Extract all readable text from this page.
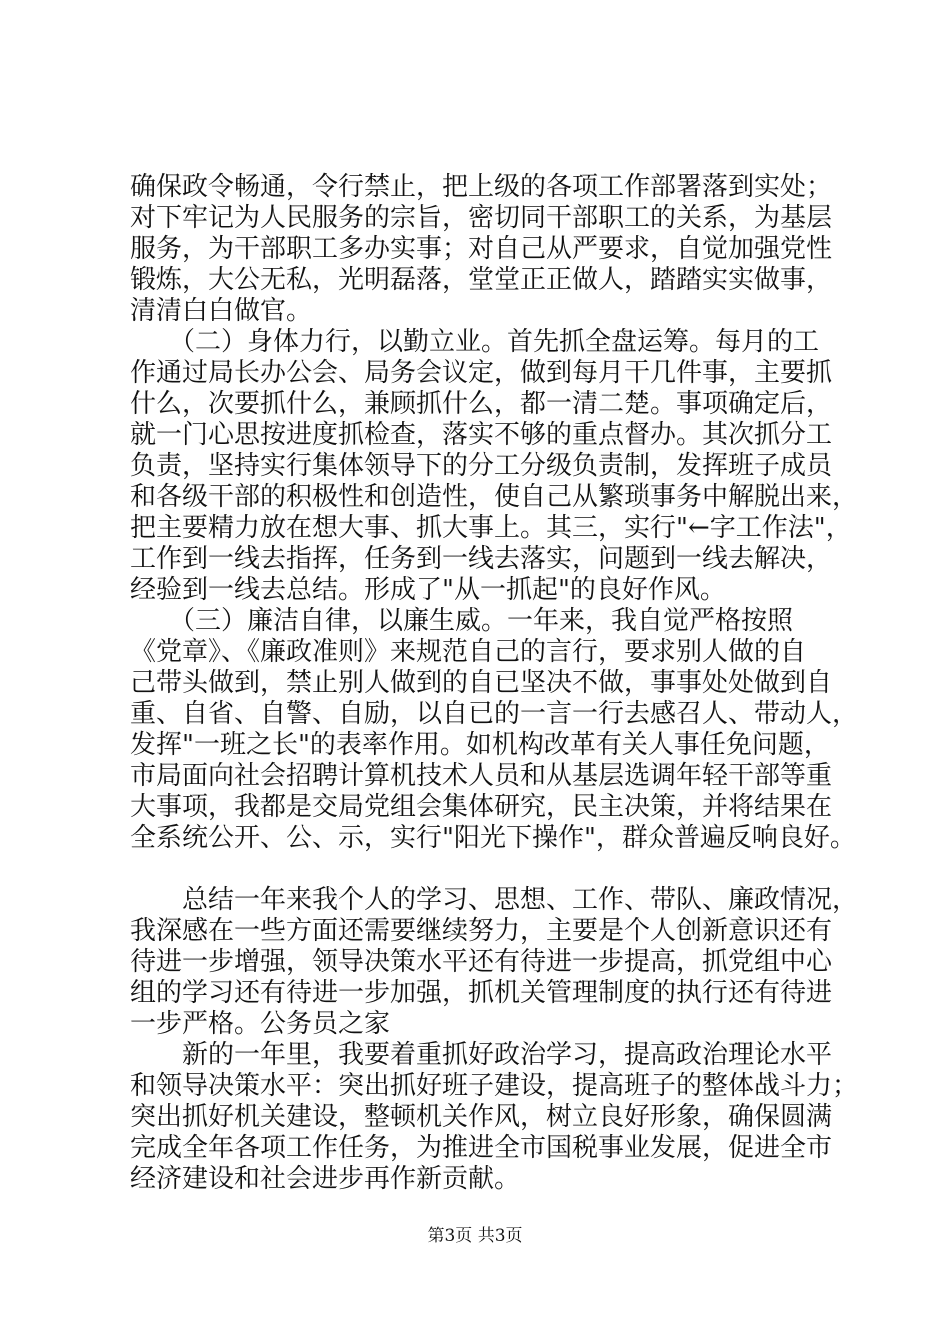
确保政令畅通，令行禁止，把上级的各项工作部署落到实处；
对下牢记为人民服务的宗旨，密切同干部职工的关系，为基层
服务，为干部职工多办实事；对自己从严要求，自觉加强党性
锻炼，大公无私，光明磊落，堂堂正正做人，踏踏实实做事，
清清白白做官。
　　（二）身体力行，以勤立业。首先抓全盘运筹。每月的工
作通过局长办公会、局务会议定，做到每月干几件事，主要抓
什么，次要抓什么，兼顾抓什么，都一清二楚。事项确定后，
就一门心思按进度抓检查，落实不够的重点督办。其次抓分工
负责，坚持实行集体领导下的分工分级负责制，发挥班子成员
和各级干部的积极性和创造性，使自己从繁琐事务中解脱出来，
把主要精力放在想大事、抓大事上。其三，实行"←字工作法"，
工作到一线去指挥，任务到一线去落实，问题到一线去解决，
经验到一线去总结。形成了"从一抓起"的良好作风。
　　（三）廉洁自律，以廉生威。一年来，我自觉严格按照
《党章》、《廉政准则》来规范自己的言行，要求别人做的自
己带头做到，禁止别人做到的自已坚决不做，事事处处做到自
重、自省、自警、自励，以自已的一言一行去感召人、带动人，
发挥"一班之长"的表率作用。如机构改革有关人事任免问题，
市局面向社会招聘计算机技术人员和从基层选调年轻干部等重
大事项，我都是交局党组会集体研究，民主决策，并将结果在
全系统公开、公、示，实行"阳光下操作"，群众普遍反响良好。
　　总结一年来我个人的学习、思想、工作、带队、廉政情况，
我深感在一些方面还需要继续努力，主要是个人创新意识还有
待进一步增强，领导决策水平还有待进一步提高，抓党组中心
组的学习还有待进一步加强，抓机关管理制度的执行还有待进
一步严格。公务员之家
　　新的一年里，我要着重抓好政治学习，提高政治理论水平
和领导决策水平：突出抓好班子建设，提高班子的整体战斗力；
突出抓好机关建设，整顿机关作风，树立良好形象，确保圆满
完成全年各项工作任务，为推进全市国税事业发展，促进全市
经济建设和社会进步再作新贡献。
第3页 共3页
